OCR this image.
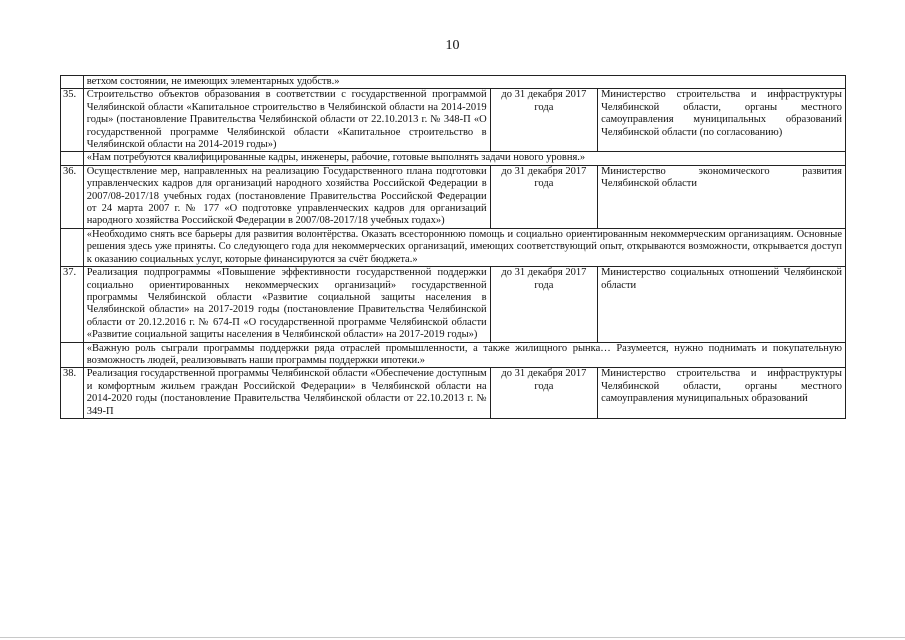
10
	ветхом состоянии, не имеющих элементарных удобств.»		
35.	Строительство объектов образования в соответствии с государственной программой Челябинской области «Капитальное строительство в Челябинской области на 2014-2019 годы» (постановление Правительства Челябинской области от 22.10.2013 г. № 348-П «О государственной программе Челябинской области «Капитальное строительство в Челябинской области на 2014-2019 годы»)	до 31 декабря 2017 года	Министерство строительства и инфраструктуры Челябинской области, органы местного самоуправления муниципальных образований Челябинской области (по согласованию)
	«Нам потребуются квалифицированные кадры, инженеры, рабочие, готовые выполнять задачи нового уровня.»		
36.	Осуществление мер, направленных на реализацию Государственного плана подготовки управленческих кадров для организаций народного хозяйства Российской Федерации в 2007/08-2017/18 учебных годах (постановление Правительства Российской Федерации от 24 марта 2007 г. № 177 «О подготовке управленческих кадров для организаций народного хозяйства Российской Федерации в 2007/08-2017/18 учебных годах»)	до 31 декабря 2017 года	Министерство экономического развития Челябинской области
	«Необходимо снять все барьеры для развития волонтёрства. Оказать всестороннюю помощь и социально ориентированным некоммерческим организациям. Основные решения здесь уже приняты. Со следующего года для некоммерческих организаций, имеющих соответствующий опыт, открываются возможности, открывается доступ к оказанию социальных услуг, которые финансируются за счёт бюджета.»		
37.	Реализация подпрограммы «Повышение эффективности государственной поддержки социально ориентированных некоммерческих организаций» государственной программы Челябинской области «Развитие социальной защиты населения в Челябинской области» на 2017-2019 годы (постановление Правительства Челябинской области от 20.12.2016 г. № 674-П «О государственной программе Челябинской области «Развитие социальной защиты населения в Челябинской области» на 2017-2019 годы»)	до 31 декабря 2017 года	Министерство социальных отношений Челябинской области
	«Важную роль сыграли программы поддержки ряда отраслей промышленности, а также жилищного рынка… Разумеется, нужно поднимать и покупательную возможность людей, реализовывать наши программы поддержки ипотеки.»		
38.	Реализация государственной программы Челябинской области «Обеспечение доступным и комфортным жильем граждан Российской Федерации» в Челябинской области на 2014-2020 годы (постановление Правительства Челябинской области от 22.10.2013 г. № 349-П	до 31 декабря 2017 года	Министерство строительства и инфраструктуры Челябинской области, органы местного самоуправления муниципальных образований
